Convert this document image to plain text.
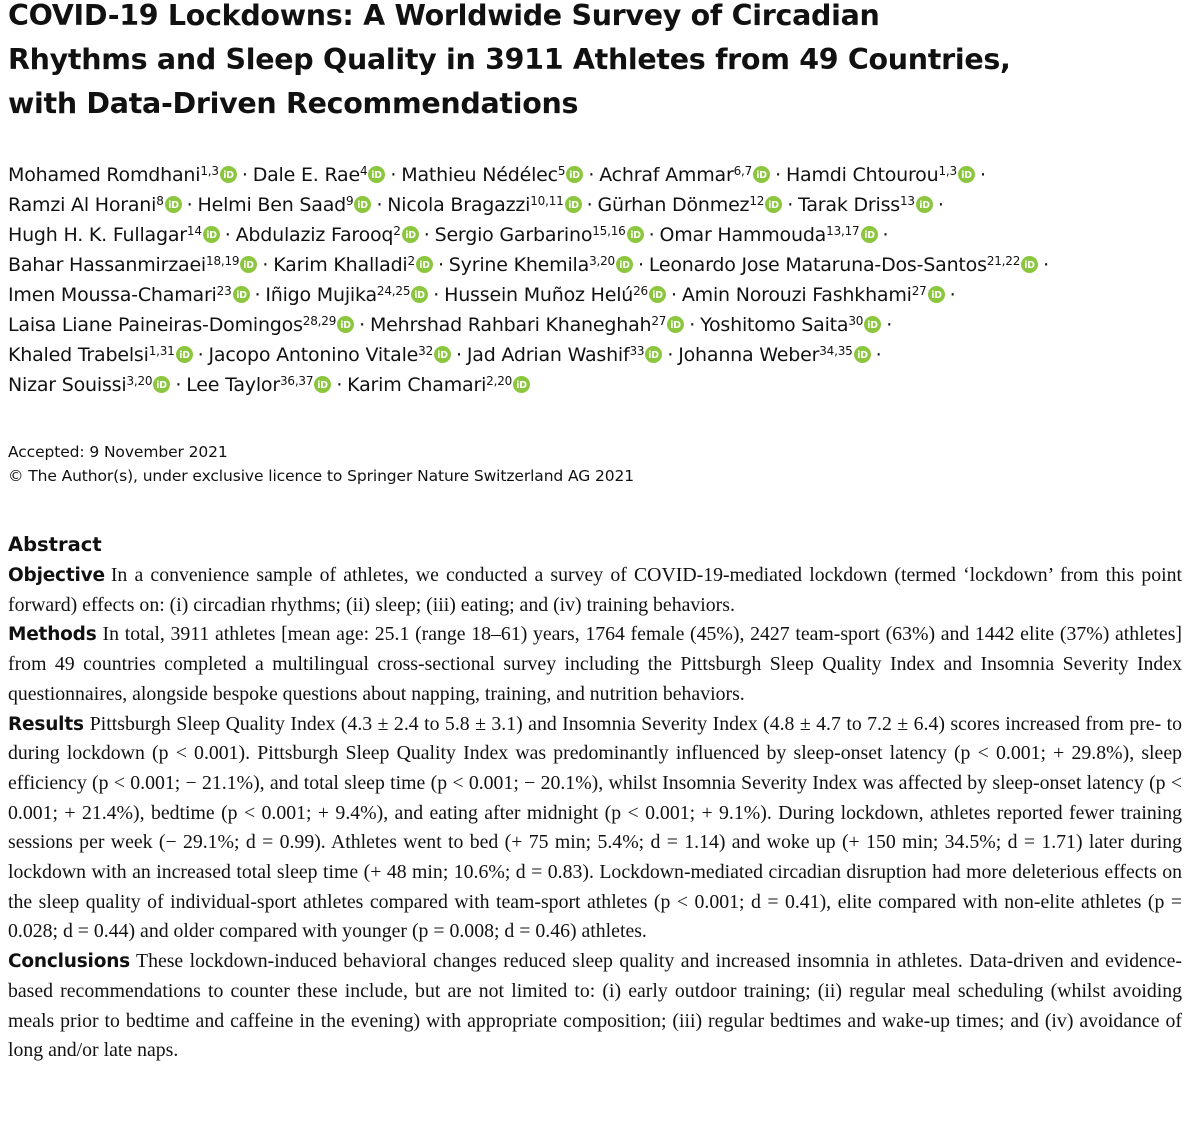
COVID-19 Lockdowns: A Worldwide Survey of Circadian
Rhythms and Sleep Quality in 3911 Athletes from 49 Countries,
with Data-Driven Recommendations
Mohamed Romdhani$^{1,3}$ iD · Dale E. Rae$^4$ iD · Mathieu Nédélec$^5$ iD · Achraf Ammar$^{6,7}$ iD · Hamdi Chtourou$^{1,3}$ iD ·
Ramzi Al Horani$^8$ iD · Helmi Ben Saad$^9$ iD · Nicola Bragazzi$^{10,11}$ iD · Gürhan Dönmez$^{12}$ iD · Tarak Driss$^{13}$ iD ·
Hugh H. K. Fullagar$^{14}$ iD · Abdulaziz Farooq$^2$ iD · Sergio Garbarino$^{15,16}$ iD · Omar Hammouda$^{13,17}$ iD ·
Bahar Hassanmirzaei$^{18,19}$ iD · Karim Khalladi$^2$ iD · Syrine Khemila$^{3,20}$ iD · Leonardo Jose Mataruna-Dos-Santos$^{21,22}$ iD ·
Imen Moussa-Chamari$^{23}$ iD · Iñigo Mujika$^{24,25}$ iD · Hussein Muñoz Helú$^{26}$ iD · Amin Norouzi Fashkhami$^{27}$ iD ·
Laisa Liane Paineiras-Domingos$^{28,29}$ iD · Mehrshad Rahbari Khaneghah$^{27}$ iD · Yoshitomo Saita$^{30}$ iD ·
Khaled Trabelsi$^{1,31}$ iD · Jacopo Antonino Vitale$^{32}$ iD · Jad Adrian Washif$^{33}$ iD · Johanna Weber$^{34,35}$ iD ·
Nizar Souissi$^{3,20}$ iD · Lee Taylor$^{36,37}$ iD · Karim Chamari$^{2,20}$ iD
Accepted: 9 November 2021
© The Author(s), under exclusive licence to Springer Nature Switzerland AG 2021
Abstract

Objective In a convenience sample of athletes, we conducted a survey of COVID-19-mediated lockdown (termed ‘lockdown’ from this point forward) effects on: (i) circadian rhythms; (ii) sleep; (iii) eating; and (iv) training behaviors.

Methods In total, 3911 athletes [mean age: 25.1 (range 18–61) years, 1764 female (45%), 2427 team-sport (63%) and 1442 elite (37%) athletes] from 49 countries completed a multilingual cross-sectional survey including the Pittsburgh Sleep Quality Index and Insomnia Severity Index questionnaires, alongside bespoke questions about napping, training, and nutrition behaviors.

Results Pittsburgh Sleep Quality Index (4.3 ± 2.4 to 5.8 ± 3.1) and Insomnia Severity Index (4.8 ± 4.7 to 7.2 ± 6.4) scores increased from pre- to during lockdown (p < 0.001). Pittsburgh Sleep Quality Index was predominantly influenced by sleep-onset latency (p < 0.001; + 29.8%), sleep efficiency (p < 0.001; − 21.1%), and total sleep time (p < 0.001; − 20.1%), whilst Insomnia Severity Index was affected by sleep-onset latency (p < 0.001; + 21.4%), bedtime (p < 0.001; + 9.4%), and eating after midnight (p < 0.001; + 9.1%). During lockdown, athletes reported fewer training sessions per week (− 29.1%; d = 0.99). Athletes went to bed (+ 75 min; 5.4%; d = 1.14) and woke up (+ 150 min; 34.5%; d = 1.71) later during lockdown with an increased total sleep time (+ 48 min; 10.6%; d = 0.83). Lockdown-mediated circadian disruption had more deleterious effects on the sleep quality of individual-sport athletes compared with team-sport athletes (p < 0.001; d = 0.41), elite compared with non-elite athletes (p = 0.028; d = 0.44) and older compared with younger (p = 0.008; d = 0.46) athletes.

Conclusions These lockdown-induced behavioral changes reduced sleep quality and increased insomnia in athletes. Data-driven and evidence-based recommendations to counter these include, but are not limited to: (i) early outdoor training; (ii) regular meal scheduling (whilst avoiding meals prior to bedtime and caffeine in the evening) with appropriate composition; (iii) regular bedtimes and wake-up times; and (iv) avoidance of long and/or late naps.
